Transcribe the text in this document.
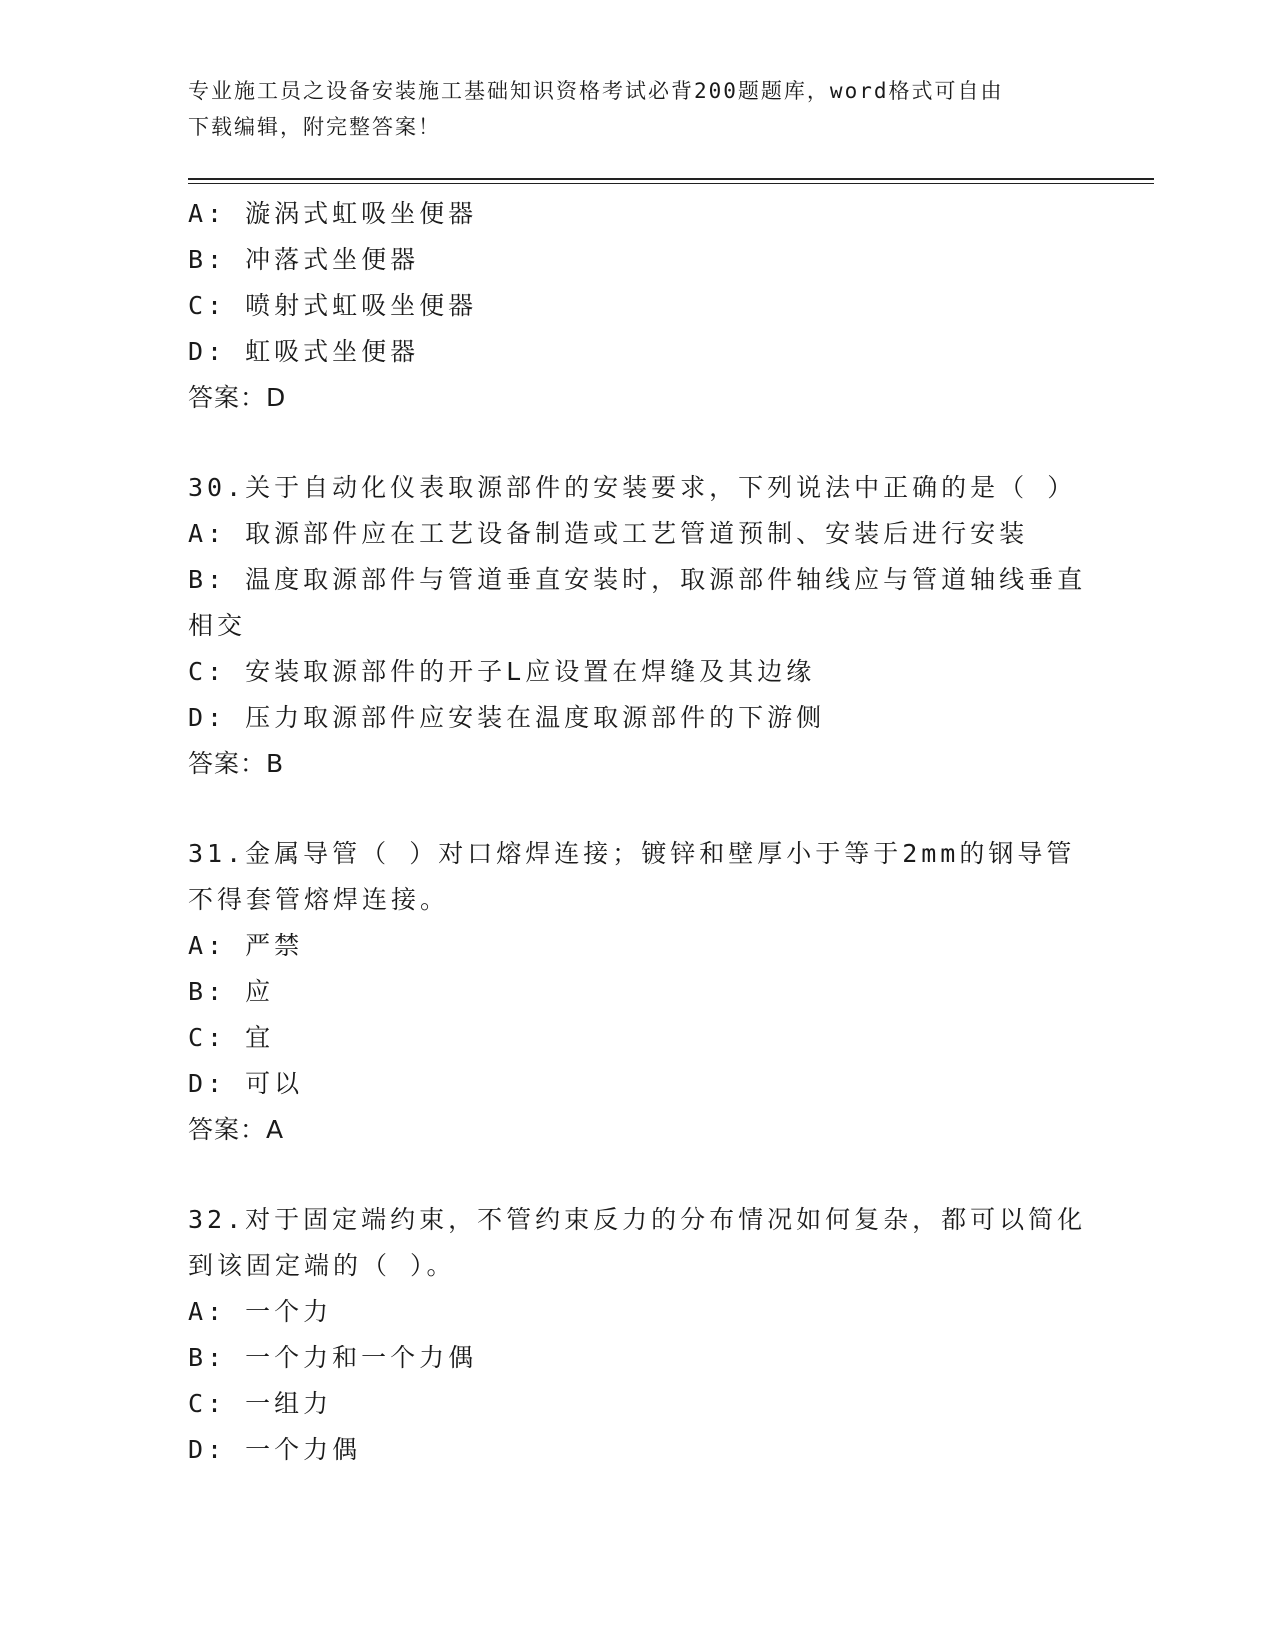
专业施工员之设备安装施工基础知识资格考试必背200题题库，word格式可自由
下载编辑，附完整答案！
A: 漩涡式虹吸坐便器
B: 冲落式坐便器
C: 喷射式虹吸坐便器
D: 虹吸式坐便器
答案：D
30.关于自动化仪表取源部件的安装要求，下列说法中正确的是（ ）
A: 取源部件应在工艺设备制造或工艺管道预制、安装后进行安装
B: 温度取源部件与管道垂直安装时，取源部件轴线应与管道轴线垂直
相交
C: 安装取源部件的开子L应设置在焊缝及其边缘
D: 压力取源部件应安装在温度取源部件的下游侧
答案：B
31.金属导管（ ）对口熔焊连接；镀锌和壁厚小于等于2mm的钢导管
不得套管熔焊连接。
A: 严禁
B: 应
C: 宜
D: 可以
答案：A
32.对于固定端约束，不管约束反力的分布情况如何复杂，都可以简化
到该固定端的（ ）。
A: 一个力
B: 一个力和一个力偶
C: 一组力
D: 一个力偶
